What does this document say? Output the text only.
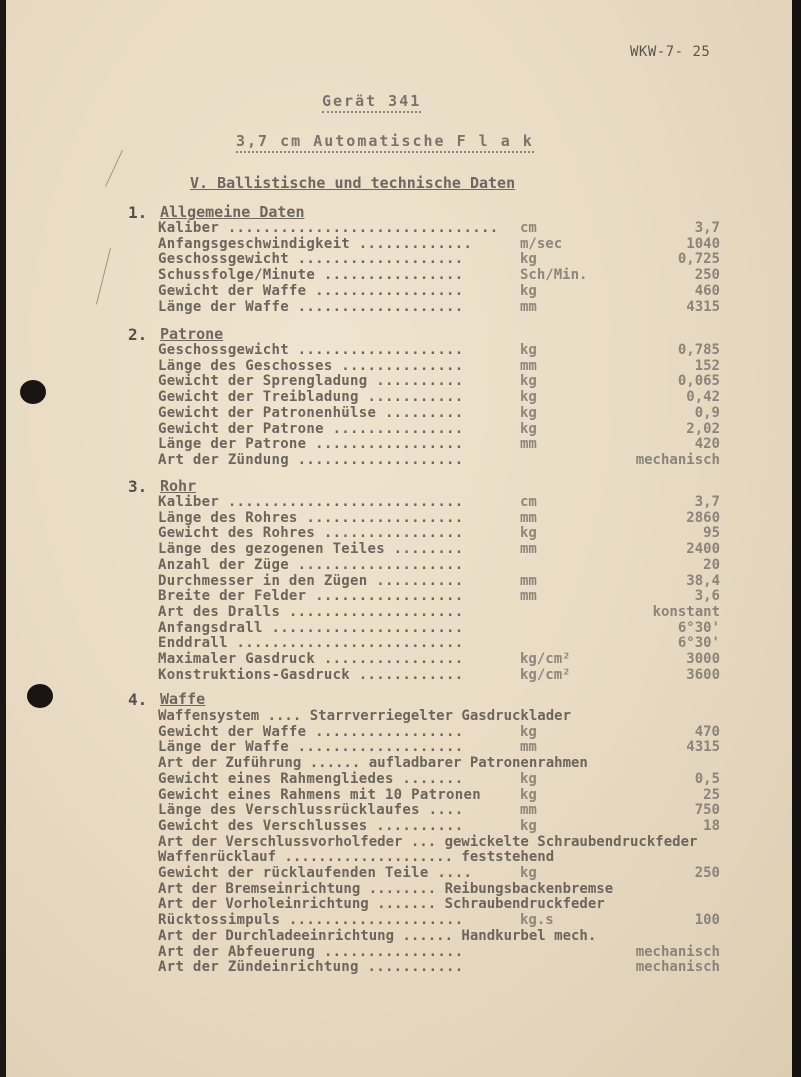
WKW-7- 25
Gerät 341
3,7 cm Automatische F l a k
V. Ballistische und technische Daten
1. Allgemeine Daten
Kaliber ............................... cm	3,7
Anfangsgeschwindigkeit .............	m/sec	1040
Geschossgewicht ...................	kg	0,725
Schussfolge/Minute ................	Sch/Min.	250
Gewicht der Waffe .................	kg	460
Länge der Waffe ...................	mm	4315
2. Patrone
Geschossgewicht ...................	kg	0,785
Länge des Geschosses ..............	mm	152
Gewicht der Sprengladung ..........	kg	0,065
Gewicht der Treibladung ...........	kg	0,42
Gewicht der Patronenhülse .........	kg	0,9
Gewicht der Patrone ...............	kg	2,02
Länge der Patrone .................	mm	420
Art der Zündung ...................	mechanisch
3. Rohr
Kaliber ...........................	cm	3,7
Länge des Rohres ..................	mm	2860
Gewicht des Rohres ................	kg	95
Länge des gezogenen Teiles ........	mm	2400
Anzahl der Züge ...................	20
Durchmesser in den Zügen ..........	mm	38,4
Breite der Felder .................	mm	3,6
Art des Dralls ....................	konstant
Anfangsdrall ......................	6°30'
Enddrall ..........................	6°30'
Maximaler Gasdruck ................	kg/cm²	3000
Konstruktions-Gasdruck ............	kg/cm²	3600
4. Waffe
Waffensystem .... Starrverriegelter Gasdrucklader
Gewicht der Waffe .................	kg	470
Länge der Waffe ...................	mm	4315
Art der Zuführung ...... aufladbarer Patronenrahmen
Gewicht eines Rahmengliedes .......	kg	0,5
Gewicht eines Rahmens mit 10 Patronen	kg	25
Länge des Verschlussrücklaufes ....	mm	750
Gewicht des Verschlusses ..........	kg	18
Art der Verschlussvorholfeder ... gewickelte Schraubendruckfeder
Waffenrücklauf .................... feststehend
Gewicht der rücklaufenden Teile ....	kg	250
Art der Bremseinrichtung ........ Reibungsbackenbremse
Art der Vorholeinrichtung ....... Schraubendruckfeder
Rücktossimpuls ....................	kg.s	100
Art der Durchladeeinrichtung ...... Handkurbel mech.
Art der Abfeuerung ................	mechanisch
Art der Zündeinrichtung ...........	mechanisch
